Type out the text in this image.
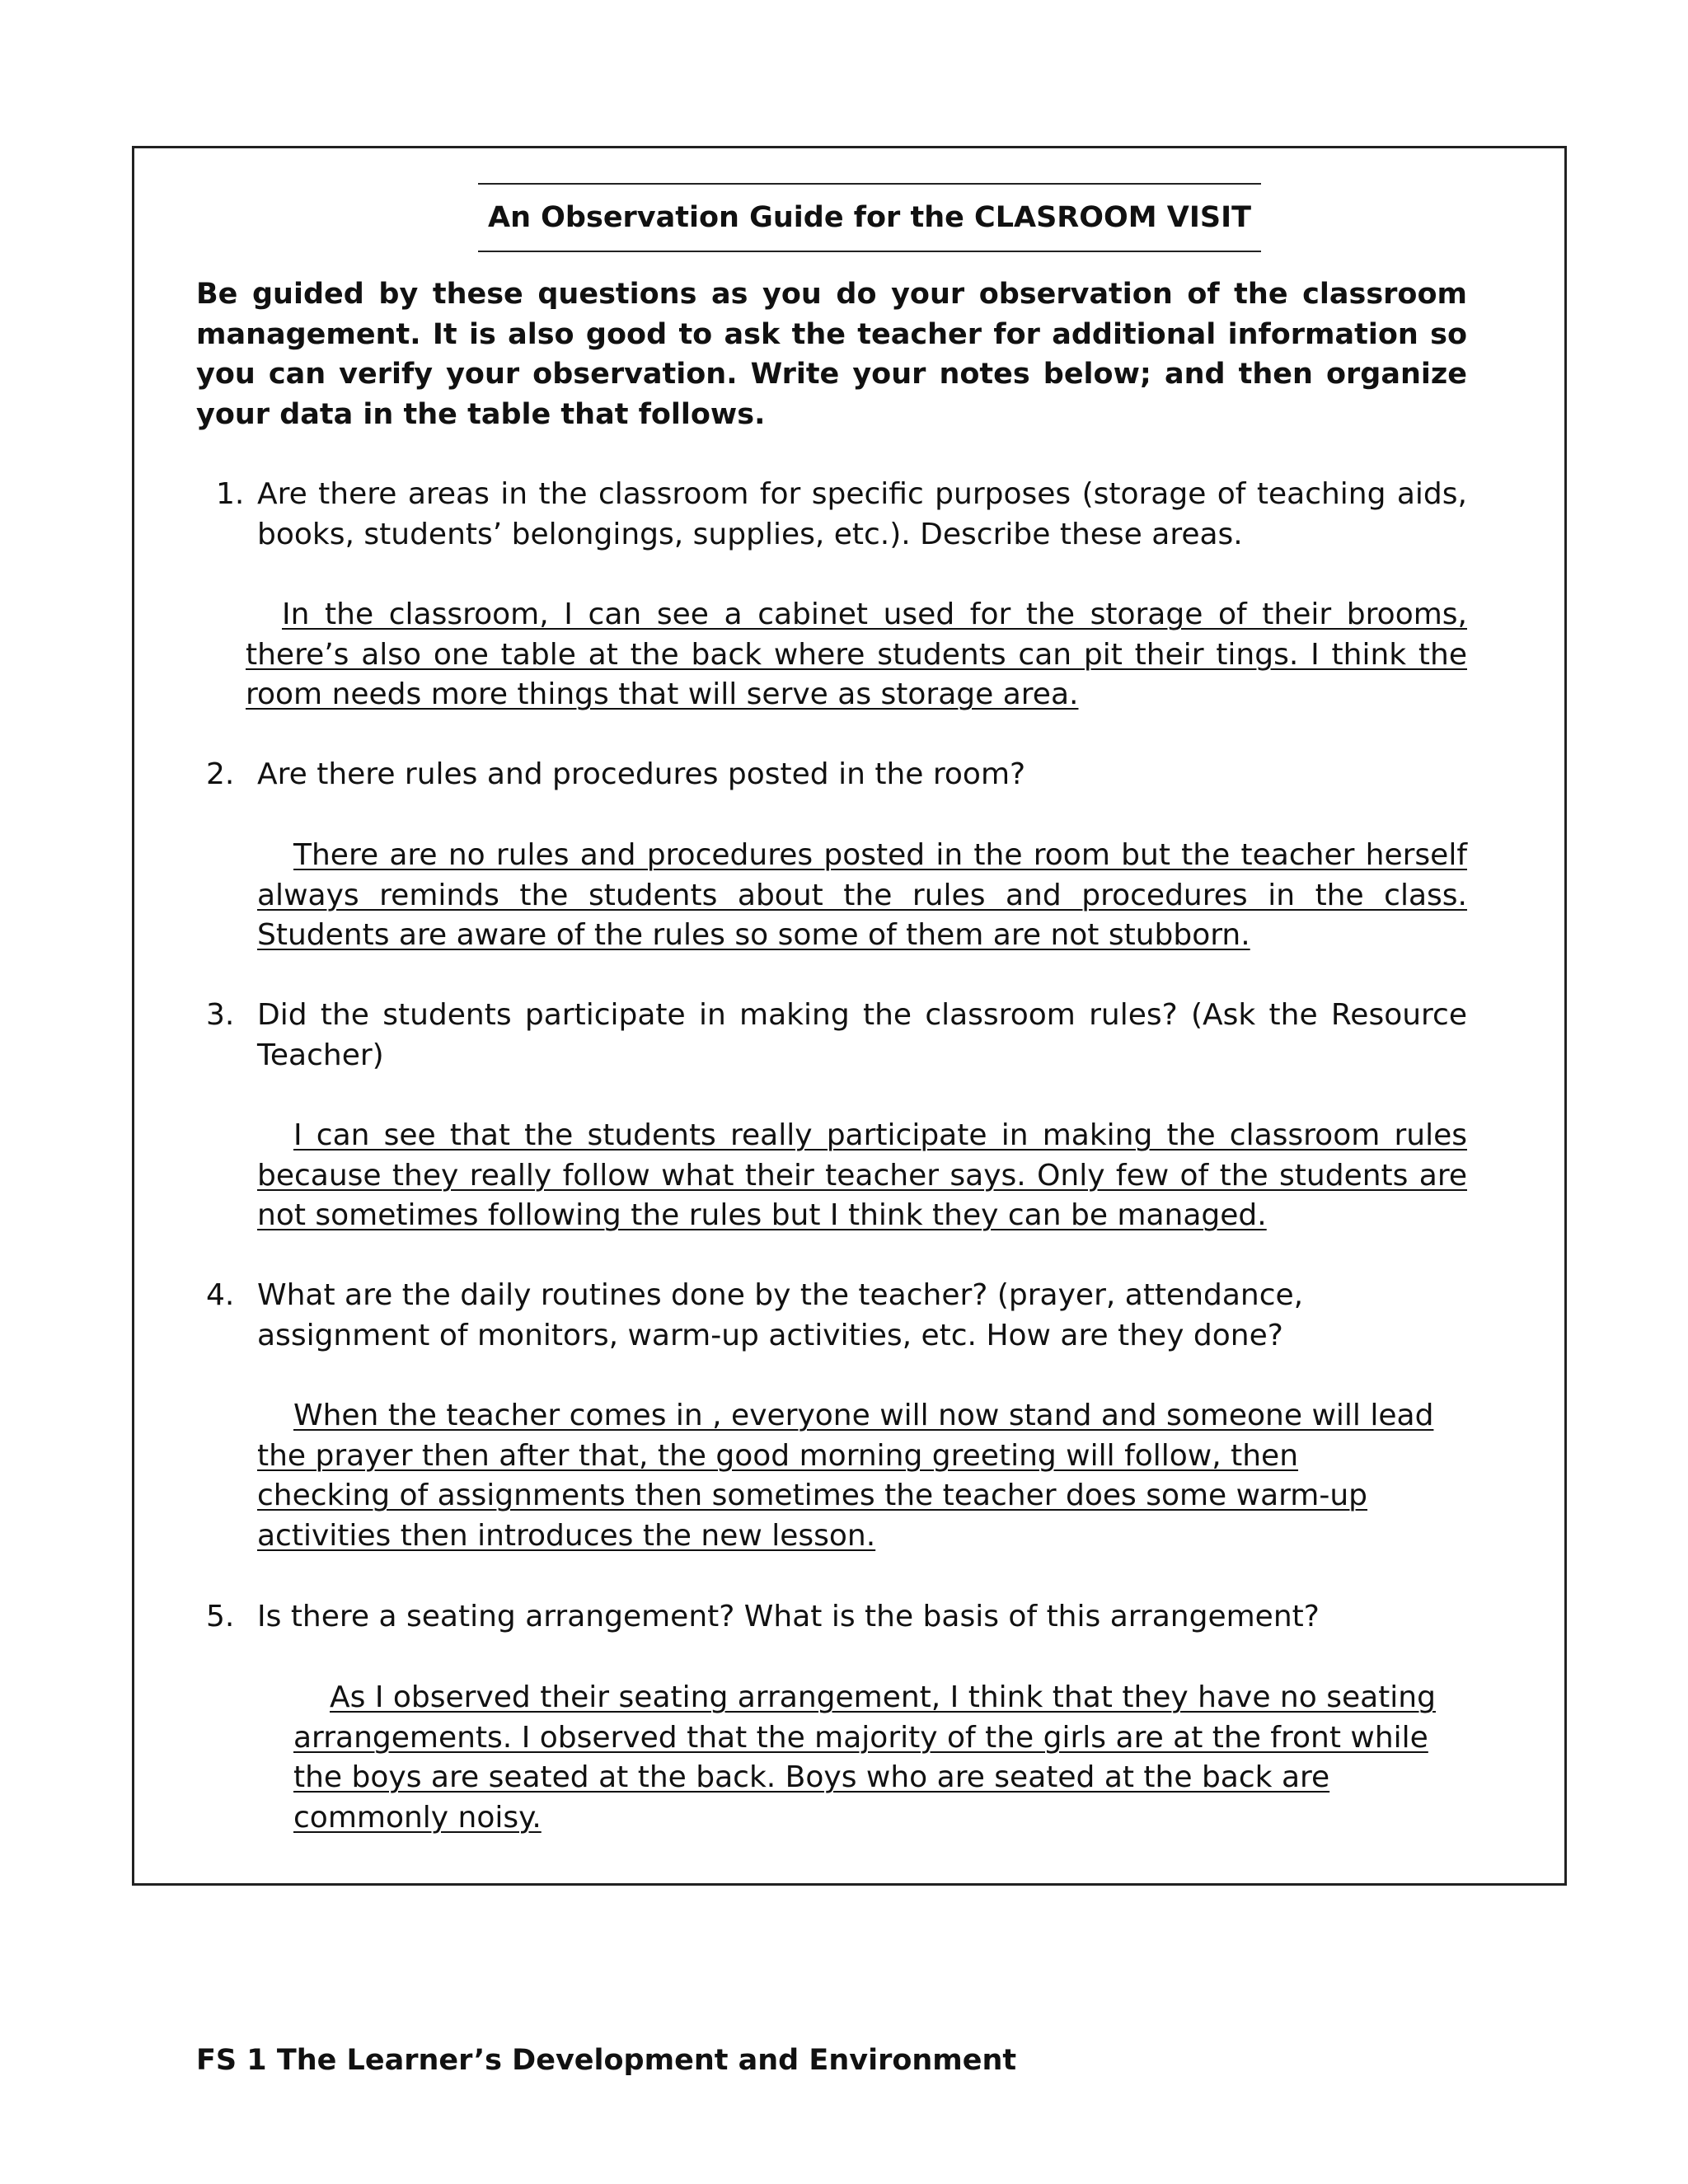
An Observation Guide for the CLASROOM VISIT

Be guided by these questions as you do your observation of the classroom management. It is also good to ask the teacher for additional information so you can verify your observation. Write your notes below; and then organize your data in the table that follows.

1. Are there areas in the classroom for specific purposes (storage of teaching aids, books, students’ belongings, supplies, etc.). Describe these areas.

In the classroom, I can see a cabinet used for the storage of their brooms, there’s also one table at the back where students can pit their tings. I think the room needs more things that will serve as storage area.

2. Are there rules and procedures posted in the room?

There are no rules and procedures posted in the room but the teacher herself always reminds the students about the rules and procedures in the class. Students are aware of the rules so some of them are not stubborn.

3. Did the students participate in making the classroom rules? (Ask the Resource Teacher)

I can see that the students really participate in making the classroom rules because they really follow what their teacher says. Only few of the students are not sometimes following the rules but I think they can be managed.

4. What are the daily routines done by the teacher? (prayer, attendance, assignment of monitors, warm-up activities, etc. How are they done?

When the teacher comes in , everyone will now stand and someone will lead the prayer then after that, the good morning greeting will follow, then checking of assignments then sometimes the teacher does some warm-up activities then introduces the new lesson.

5. Is there a seating arrangement? What is the basis of this arrangement?

As I observed their seating arrangement, I think that they have no seating arrangements. I observed that the majority of the girls are at the front while the boys are seated at the back. Boys who are seated at the back are commonly noisy.

FS 1 The Learner’s Development and Environment
